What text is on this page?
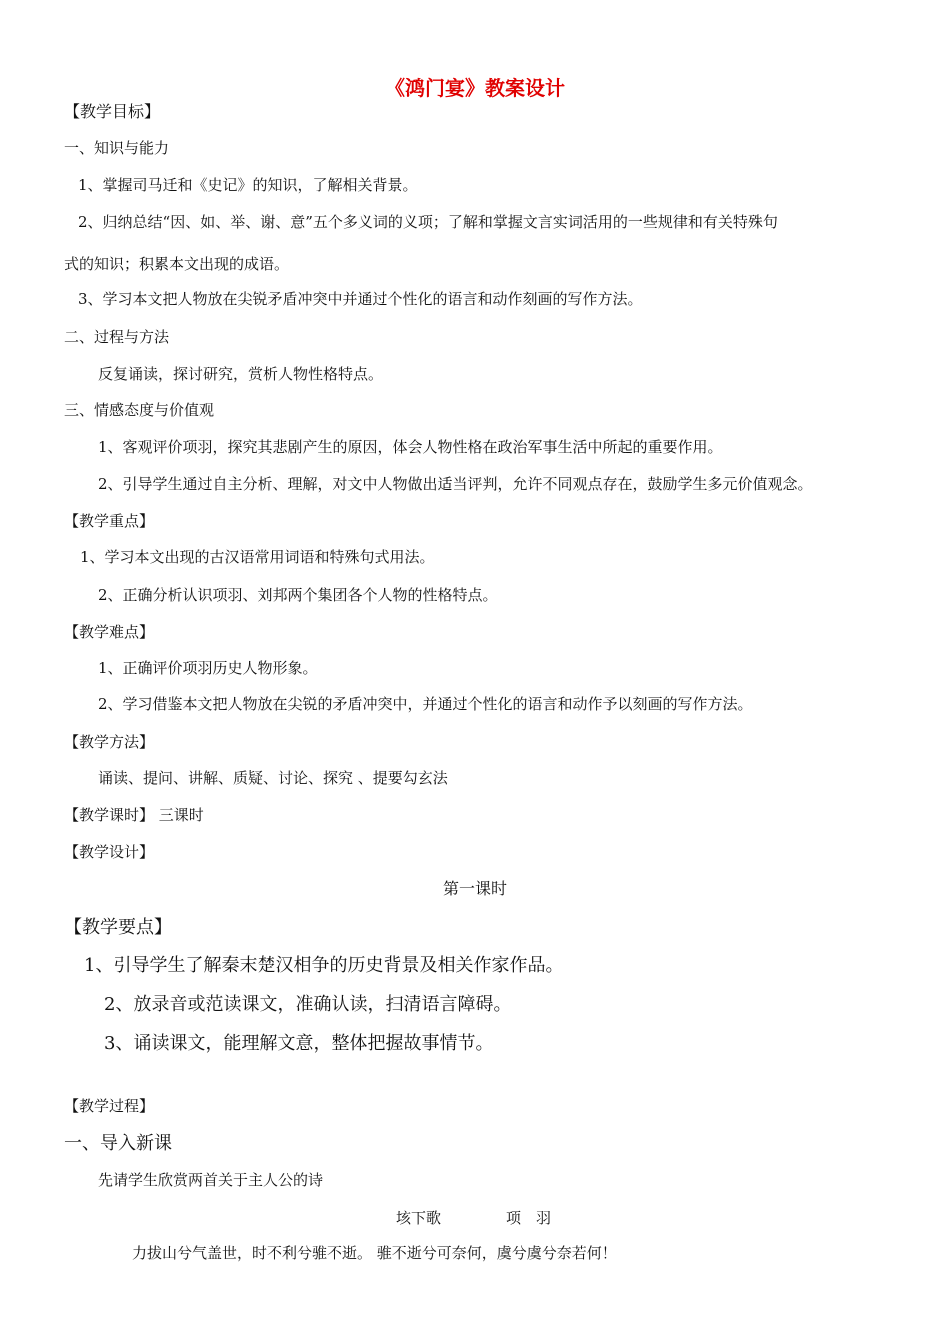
《鸿门宴》教案设计
【教学目标】
一、知识与能力
1、掌握司马迁和《史记》的知识，了解相关背景。
2、归纳总结“因、如、举、谢、意”五个多义词的义项；了解和掌握文言实词活用的一些规律和有关特殊句
式的知识；积累本文出现的成语。
3、学习本文把人物放在尖锐矛盾冲突中并通过个性化的语言和动作刻画的写作方法。
二、过程与方法
反复诵读，探讨研究，赏析人物性格特点。
三、情感态度与价值观
1、客观评价项羽，探究其悲剧产生的原因，体会人物性格在政治军事生活中所起的重要作用。
2、引导学生通过自主分析、理解，对文中人物做出适当评判，允许不同观点存在，鼓励学生多元价值观念。
【教学重点】
1、学习本文出现的古汉语常用词语和特殊句式用法。
2、正确分析认识项羽、刘邦两个集团各个人物的性格特点。
【教学难点】
1、正确评价项羽历史人物形象。
2、学习借鉴本文把人物放在尖锐的矛盾冲突中，并通过个性化的语言和动作予以刻画的写作方法。
【教学方法】
诵读、提问、讲解、质疑、讨论、探究 、提要勾玄法
【教学课时】 三课时
【教学设计】
第一课时
【教学要点】
1、引导学生了解秦末楚汉相争的历史背景及相关作家作品。
2、放录音或范读课文，准确认读，扫清语言障碍。
3、诵读课文，能理解文意，整体把握故事情节。
【教学过程】
一、导入新课
先请学生欣赏两首关于主人公的诗
垓下歌	项　羽
力拔山兮气盖世，时不利兮骓不逝。 骓不逝兮可奈何，虞兮虞兮奈若何！
